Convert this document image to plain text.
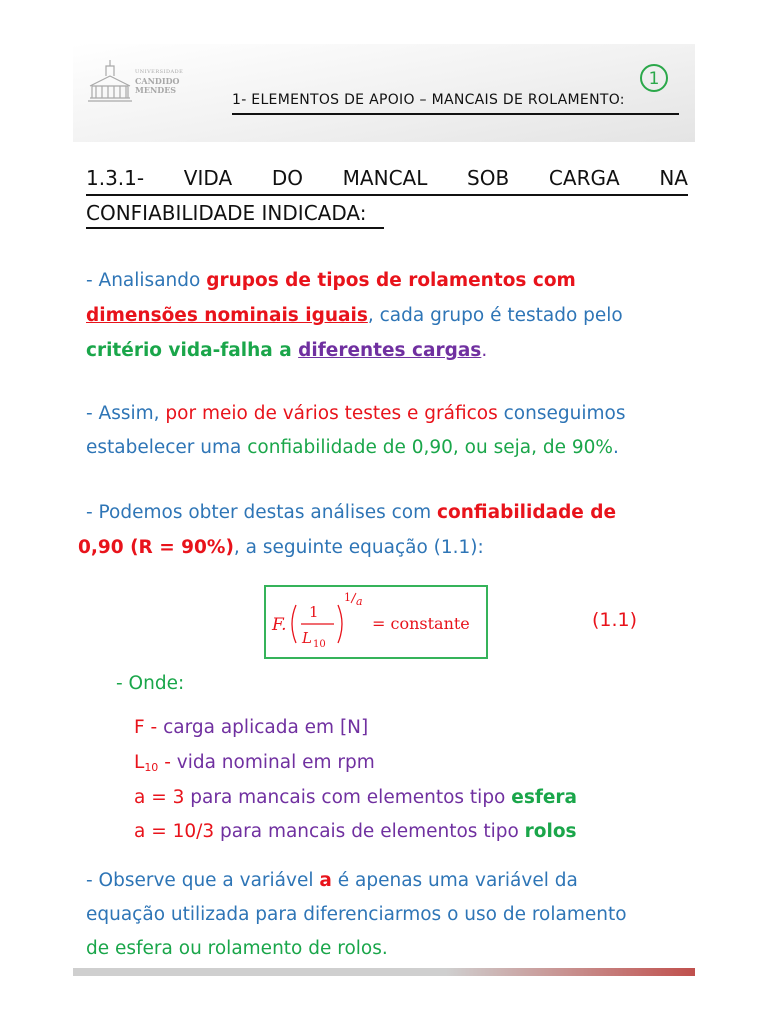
UNIVERSIDADE
CANDIDO
MENDES
1
1- ELEMENTOS DE APOIO – MANCAIS DE ROLAMENTO:
1.3.1- VIDA DO MANCAL SOB CARGA NA
CONFIABILIDADE INDICADA:
- Analisando grupos de tipos de rolamentos com
dimensões nominais iguais, cada grupo é testado pelo
critério vida-falha a diferentes cargas.
- Assim, por meio de vários testes e gráficos conseguimos
estabelecer uma confiabilidade de 0,90, ou seja, de 90%.
- Podemos obter destas análises com confiabilidade de
0,90 (R = 90%), a seguinte equação (1.1):
F.
1
L 10
1 a
= constante	(1.1)
- Onde:
F - carga aplicada em [N]
$L_{10}$ - vida nominal em rpm
a = 3 para mancais com elementos tipo esfera
a = 10/3 para mancais de elementos tipo rolos
- Observe que a variável a é apenas uma variável da
equação utilizada para diferenciarmos o uso de rolamento
de esfera ou rolamento de rolos.
